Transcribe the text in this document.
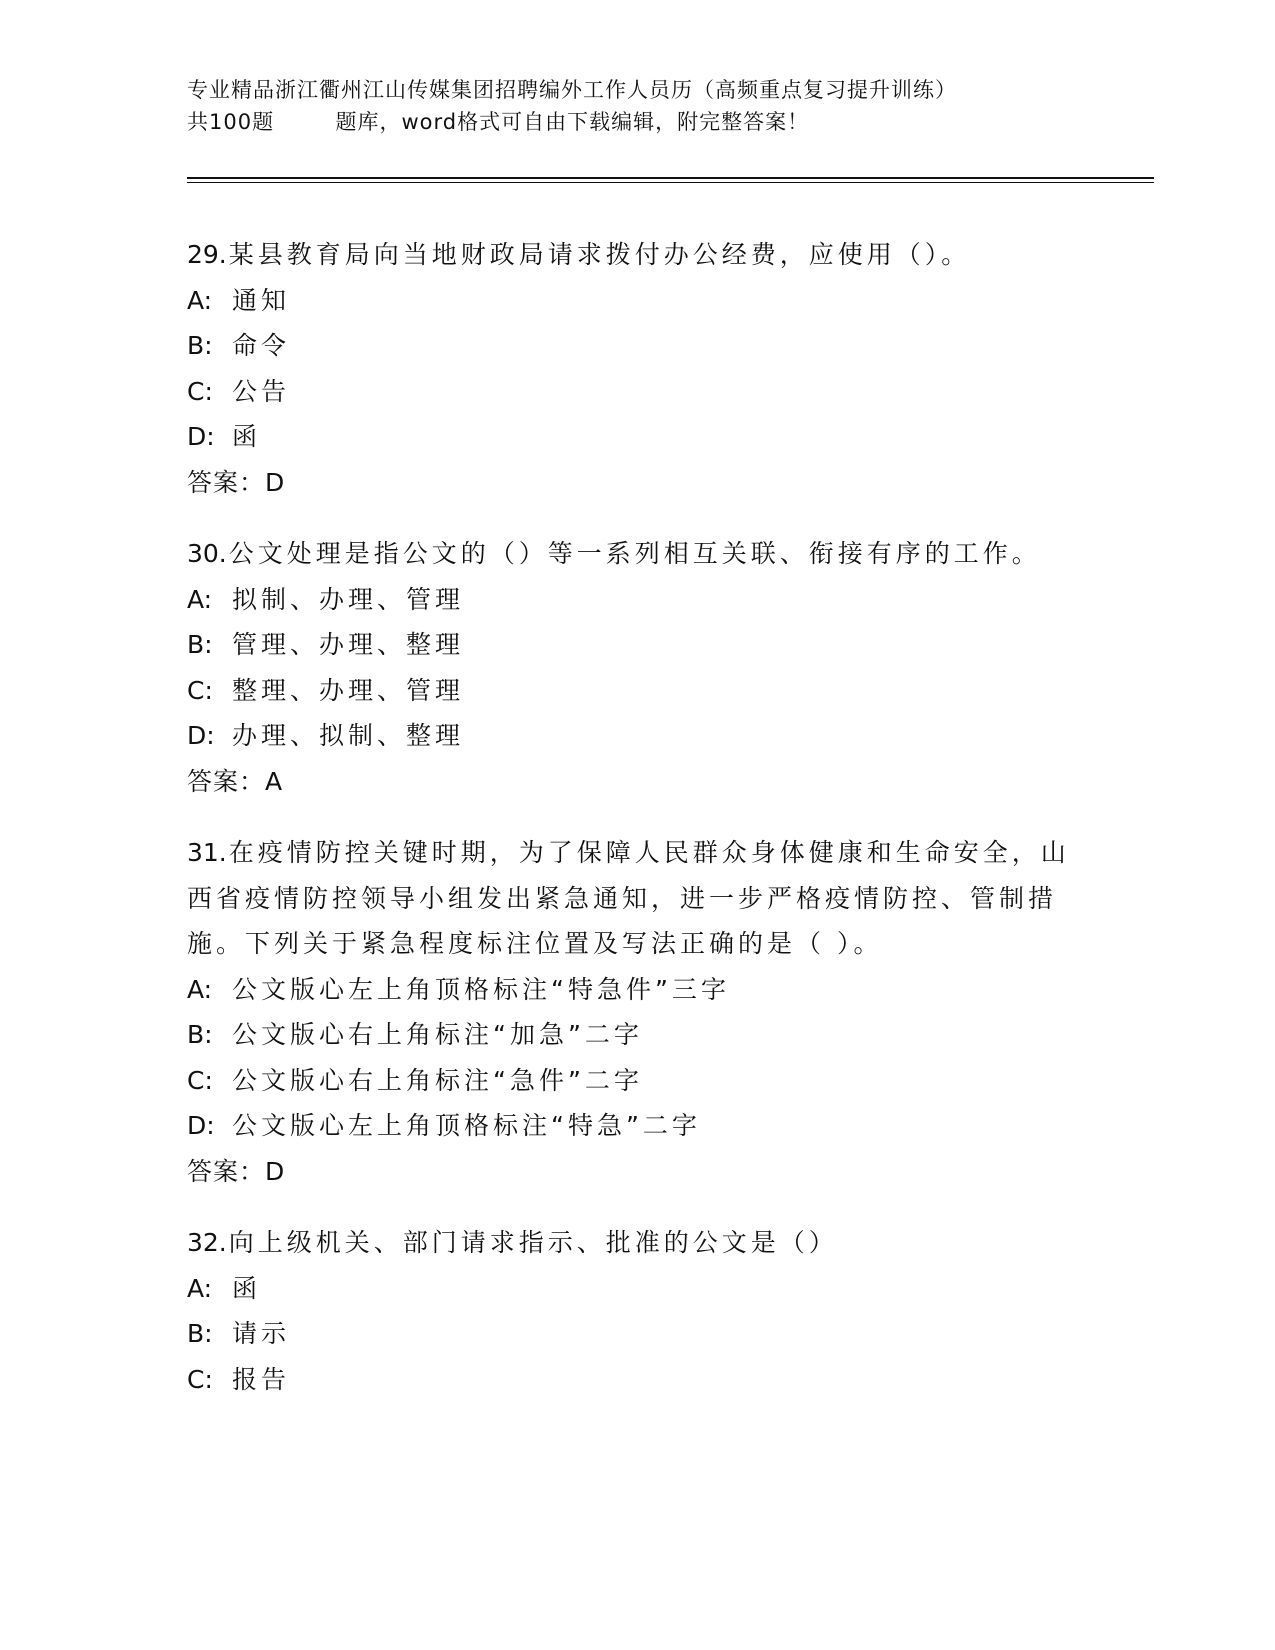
专业精品浙江衢州江山传媒集团招聘编外工作人员历（高频重点复习提升训练）
共100题        题库，word格式可自由下载编辑，附完整答案！
29.某县教育局向当地财政局请求拨付办公经费，应使用（）。
A: 通知
B: 命令
C: 公告
D: 函
答案：D
30.公文处理是指公文的（）等一系列相互关联、衔接有序的工作。
A: 拟制、办理、管理
B: 管理、办理、整理
C: 整理、办理、管理
D: 办理、拟制、整理
答案：A
31.在疫情防控关键时期，为了保障人民群众身体健康和生命安全，山西省疫情防控领导小组发出紧急通知，进一步严格疫情防控、管制措施。下列关于紧急程度标注位置及写法正确的是（ ）。
A: 公文版心左上角顶格标注“特急件”三字
B: 公文版心右上角标注“加急”二字
C: 公文版心右上角标注“急件”二字
D: 公文版心左上角顶格标注“特急”二字
答案：D
32.向上级机关、部门请求指示、批准的公文是（）
A: 函
B: 请示
C: 报告
